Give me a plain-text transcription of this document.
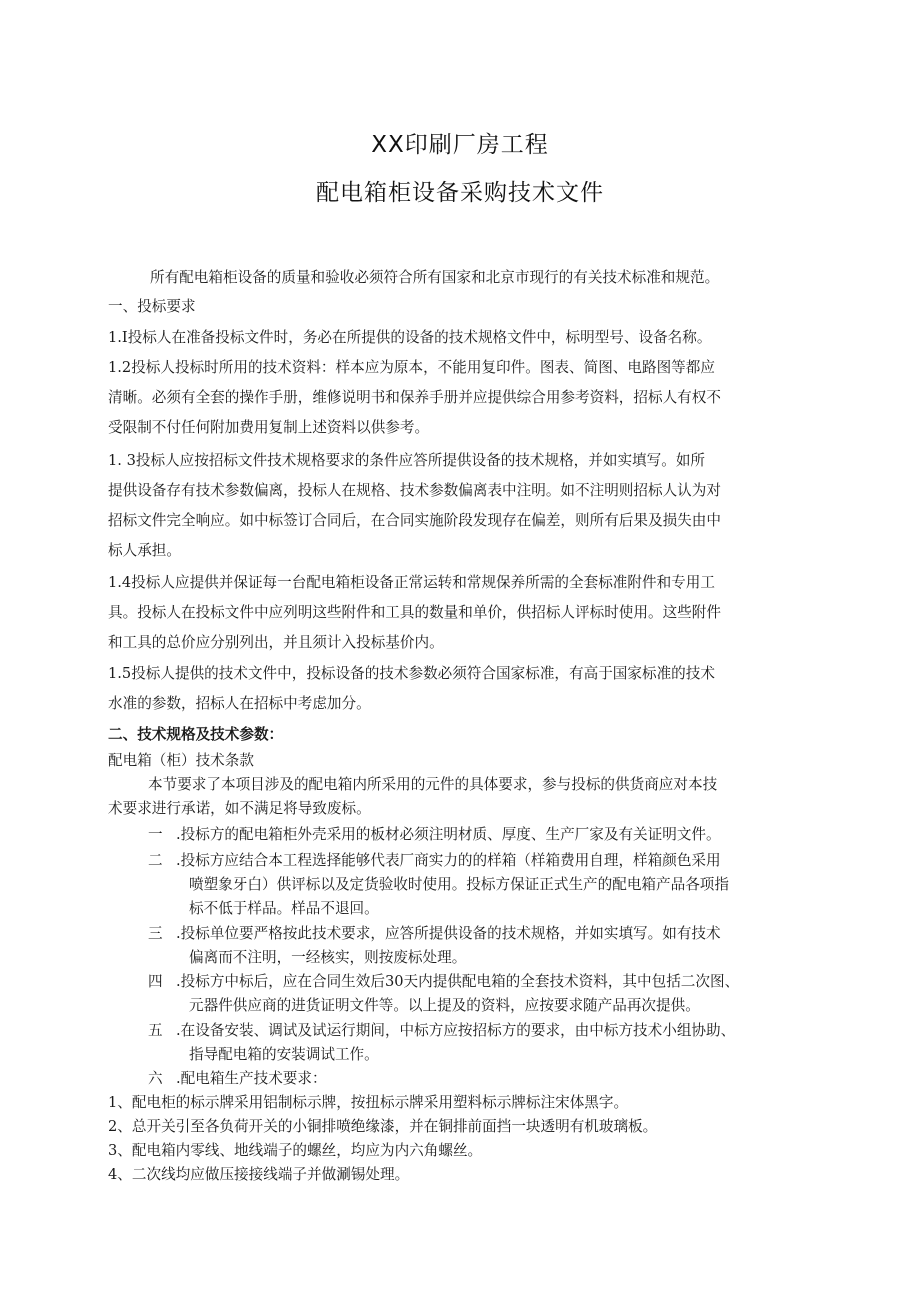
XX印刷厂房工程
配电箱柜设备采购技术文件
所有配电箱柜设备的质量和验收必须符合所有国家和北京市现行的有关技术标准和规范。
一、投标要求
1.I投标人在准备投标文件时，务必在所提供的设备的技术规格文件中，标明型号、设备名称。
1.2投标人投标时所用的技术资料：样本应为原本，不能用复印件。图表、简图、电路图等都应
清晰。必须有全套的操作手册，维修说明书和保养手册并应提供综合用参考资料，招标人有权不
受限制不付任何附加费用复制上述资料以供参考。
1. 3投标人应按招标文件技术规格要求的条件应答所提供设备的技术规格，并如实填写。如所
提供设备存有技术参数偏离，投标人在规格、技术参数偏离表中注明。如不注明则招标人认为对
招标文件完全响应。如中标签订合同后，在合同实施阶段发现存在偏差，则所有后果及损失由中
标人承担。
1.4投标人应提供并保证每一台配电箱柜设备正常运转和常规保养所需的全套标准附件和专用工
具。投标人在投标文件中应列明这些附件和工具的数量和单价，供招标人评标时使用。这些附件
和工具的总价应分别列出，并且须计入投标基价内。
1.5投标人提供的技术文件中，投标设备的技术参数必须符合国家标准，有高于国家标准的技术
水准的参数，招标人在招标中考虑加分。
二、技术规格及技术参数：
配电箱（柜）技术条款
本节要求了本项目涉及的配电箱内所采用的元件的具体要求，参与投标的供货商应对本技
术要求进行承诺，如不满足将导致废标。
一 .投标方的配电箱柜外壳采用的板材必须注明材质、厚度、生产厂家及有关证明文件。
二 .投标方应结合本工程选择能够代表厂商实力的的样箱（样箱费用自理，样箱颜色采用
喷塑象牙白）供评标以及定货验收时使用。投标方保证正式生产的配电箱产品各项指
标不低于样品。样品不退回。
三 .投标单位要严格按此技术要求，应答所提供设备的技术规格，并如实填写。如有技术
偏离而不注明，一经核实，则按废标处理。
四 .投标方中标后，应在合同生效后30天内提供配电箱的全套技术资料，其中包括二次图、
元器件供应商的进货证明文件等。以上提及的资料，应按要求随产品再次提供。
五 .在设备安装、调试及试运行期间，中标方应按招标方的要求，由中标方技术小组协助、
指导配电箱的安装调试工作。
六 .配电箱生产技术要求：
1、配电柜的标示牌采用铝制标示牌，按扭标示牌采用塑料标示牌标注宋体黑字。
2、总开关引至各负荷开关的小铜排喷绝缘漆，并在铜排前面挡一块透明有机玻璃板。
3、配电箱内零线、地线端子的螺丝，均应为内六角螺丝。
4、二次线均应做压接接线端子并做涮锡处理。
